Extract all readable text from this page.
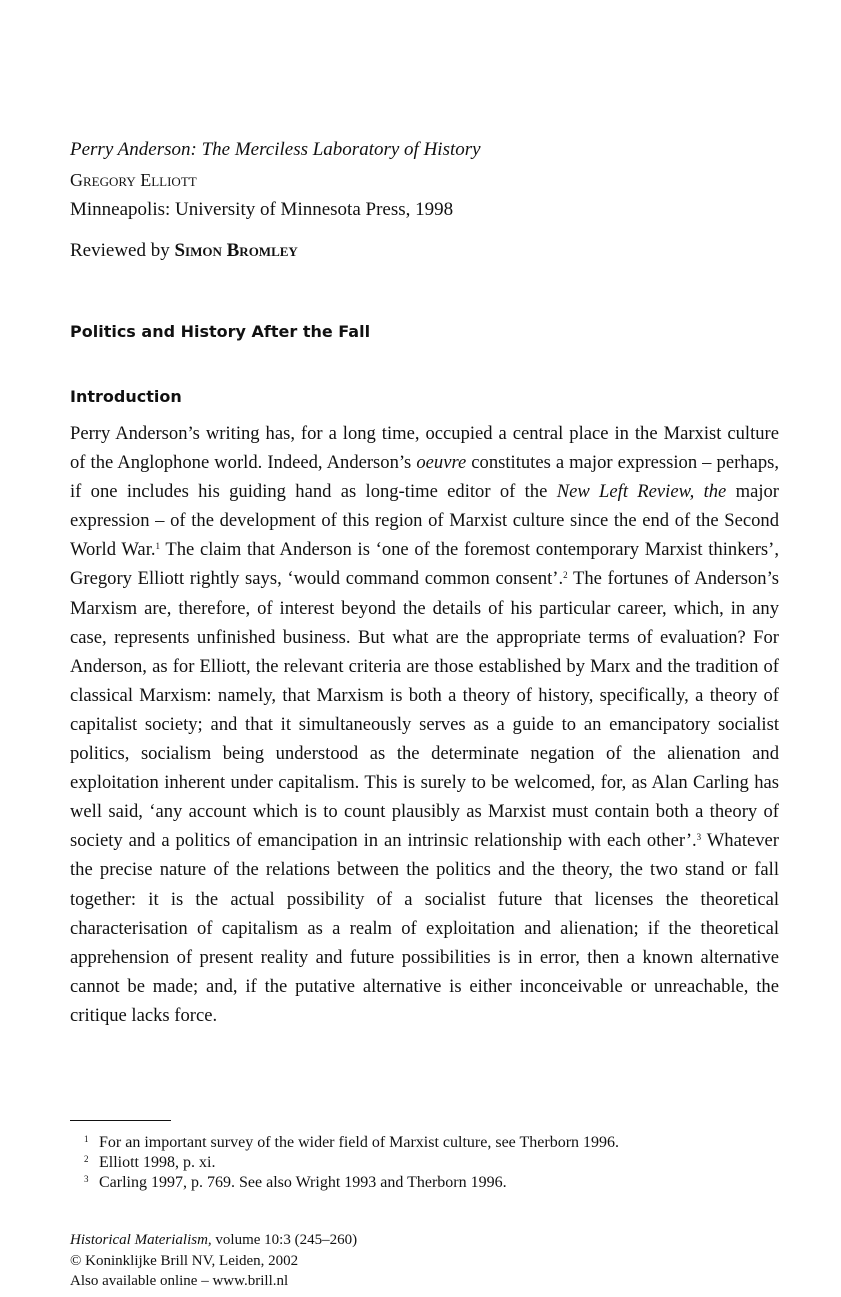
Perry Anderson: The Merciless Laboratory of History
Gregory Elliott
Minneapolis: University of Minnesota Press, 1998
Reviewed by Simon Bromley
Politics and History After the Fall
Introduction
Perry Anderson’s writing has, for a long time, occupied a central place in the Marxist culture of the Anglophone world. Indeed, Anderson’s oeuvre constitutes a major expression – perhaps, if one includes his guiding hand as long-time editor of the New Left Review, the major expression – of the development of this region of Marxist culture since the end of the Second World War.$^1$ The claim that Anderson is ‘one of the foremost contemporary Marxist thinkers’, Gregory Elliott rightly says, ‘would command common consent’.$^2$ The fortunes of Anderson’s Marxism are, therefore, of interest beyond the details of his particular career, which, in any case, represents unfinished business. But what are the appropriate terms of evaluation? For Anderson, as for Elliott, the relevant criteria are those established by Marx and the tradition of classical Marxism: namely, that Marxism is both a theory of history, specifically, a theory of capitalist society; and that it simultaneously serves as a guide to an emancipatory socialist politics, socialism being understood as the determinate negation of the alienation and exploitation inherent under capitalism. This is surely to be welcomed, for, as Alan Carling has well said, ‘any account which is to count plausibly as Marxist must contain both a theory of society and a politics of emancipation in an intrinsic relationship with each other’.$^3$ Whatever the precise nature of the relations between the politics and the theory, the two stand or fall together: it is the actual possibility of a socialist future that licenses the theoretical characterisation of capitalism as a realm of exploitation and alienation; if the theoretical apprehension of present reality and future possibilities is in error, then a known alternative cannot be made; and, if the putative alternative is either inconceivable or unreachable, the critique lacks force.
1 For an important survey of the wider field of Marxist culture, see Therborn 1996.
2 Elliott 1998, p. xi.
3 Carling 1997, p. 769. See also Wright 1993 and Therborn 1996.
Historical Materialism, volume 10:3 (245–260)
© Koninklijke Brill NV, Leiden, 2002
Also available online – www.brill.nl
